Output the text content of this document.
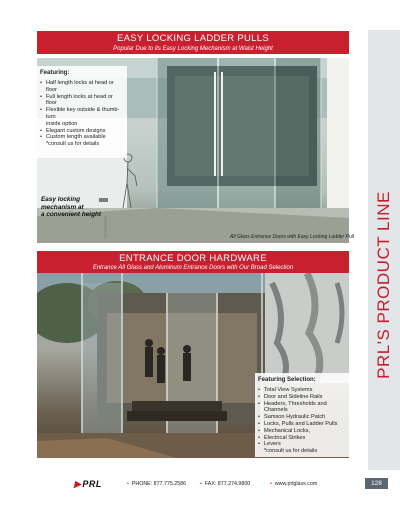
PRL'S PRODUCT LINE
EASY LOCKING LADDER PULLS
Popular Due to its Easy Locking Mechanism at Waist Height
Featuring:
• Half length locks at head or floor
• Full length locks at head or floor
• Flexible key outside & thumb-turn
inside option
• Elegant custom designs
• Custom length available
*consult us for details
Easy locking
mechanism at
a convenient height
All Glass Entrance Doors with Easy Locking Ladder Pull
ENTRANCE DOOR HARDWARE
Entrance All Glass and Aluminum Entrance Doors with Our Broad Selection
Featuring Selection:
• Total View Systems
• Door and Sideline Rails
• Headers, Thresholds and Channels
• Samson Hydraulic Patch
• Locks, Pulls and Ladder Pulls
• Mechanical Locks,
• Electrical Strikes
• Levers
*consult us for details
▶PRL	• PHONE: 877.775.2586	• FAX: 877.274.9800	• www.prlglass.com	128
